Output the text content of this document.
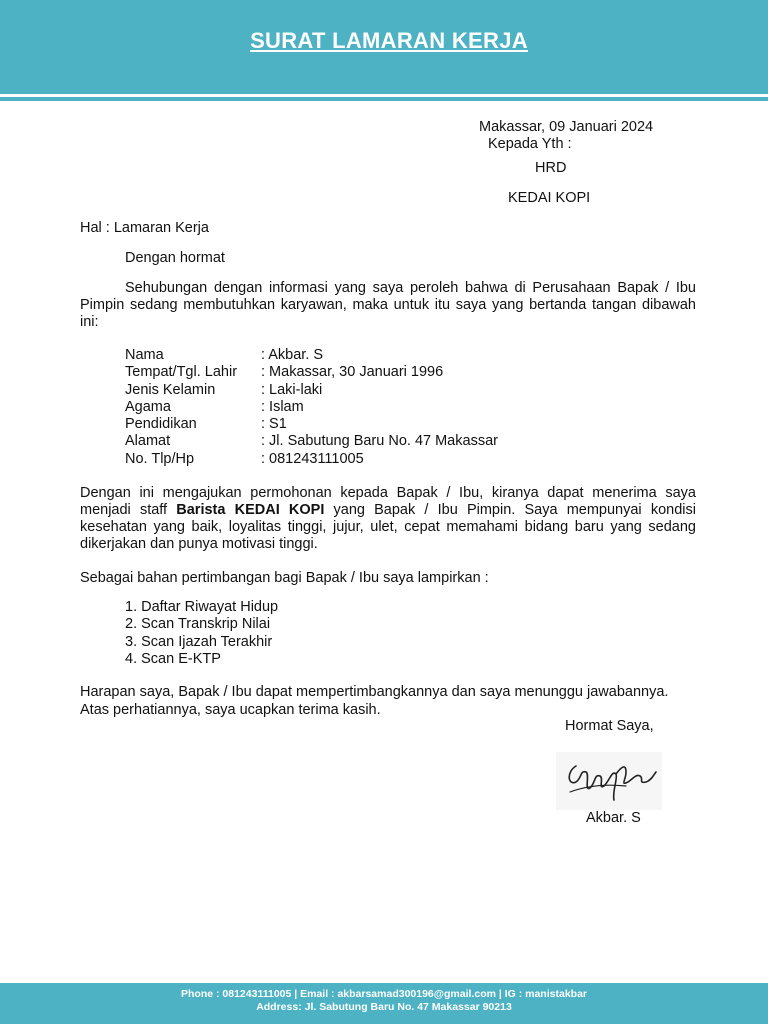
SURAT LAMARAN KERJA
Makassar, 09 Januari 2024
Kepada Yth :
HRD
KEDAI KOPI
Hal : Lamaran Kerja
Dengan hormat
Sehubungan dengan informasi yang saya peroleh bahwa di Perusahaan Bapak / Ibu Pimpin sedang membutuhkan karyawan, maka untuk itu saya yang bertanda tangan dibawah ini:
Nama	: Akbar. S
Tempat/Tgl. Lahir	: Makassar, 30 Januari 1996
Jenis Kelamin	: Laki-laki
Agama	: Islam
Pendidikan	: S1
Alamat	: Jl. Sabutung Baru No. 47 Makassar
No. Tlp/Hp	: 081243111005
Dengan ini mengajukan permohonan kepada Bapak / Ibu, kiranya dapat menerima saya menjadi staff Barista KEDAI KOPI yang Bapak / Ibu Pimpin. Saya mempunyai kondisi kesehatan yang baik, loyalitas tinggi, jujur, ulet, cepat memahami bidang baru yang sedang dikerjakan dan punya motivasi tinggi.
Sebagai bahan pertimbangan bagi Bapak / Ibu saya lampirkan :
1. Daftar Riwayat Hidup
2. Scan Transkrip Nilai
3. Scan Ijazah Terakhir
4. Scan E-KTP
Harapan saya, Bapak / Ibu dapat mempertimbangkannya dan saya menunggu jawabannya.
Atas perhatiannya, saya ucapkan terima kasih.
Hormat Saya,
Akbar. S
Phone : 081243111005 | Email : akbarsamad300196@gmail.com | IG : manistakbar
Address: Jl. Sabutung Baru No. 47 Makassar 90213
